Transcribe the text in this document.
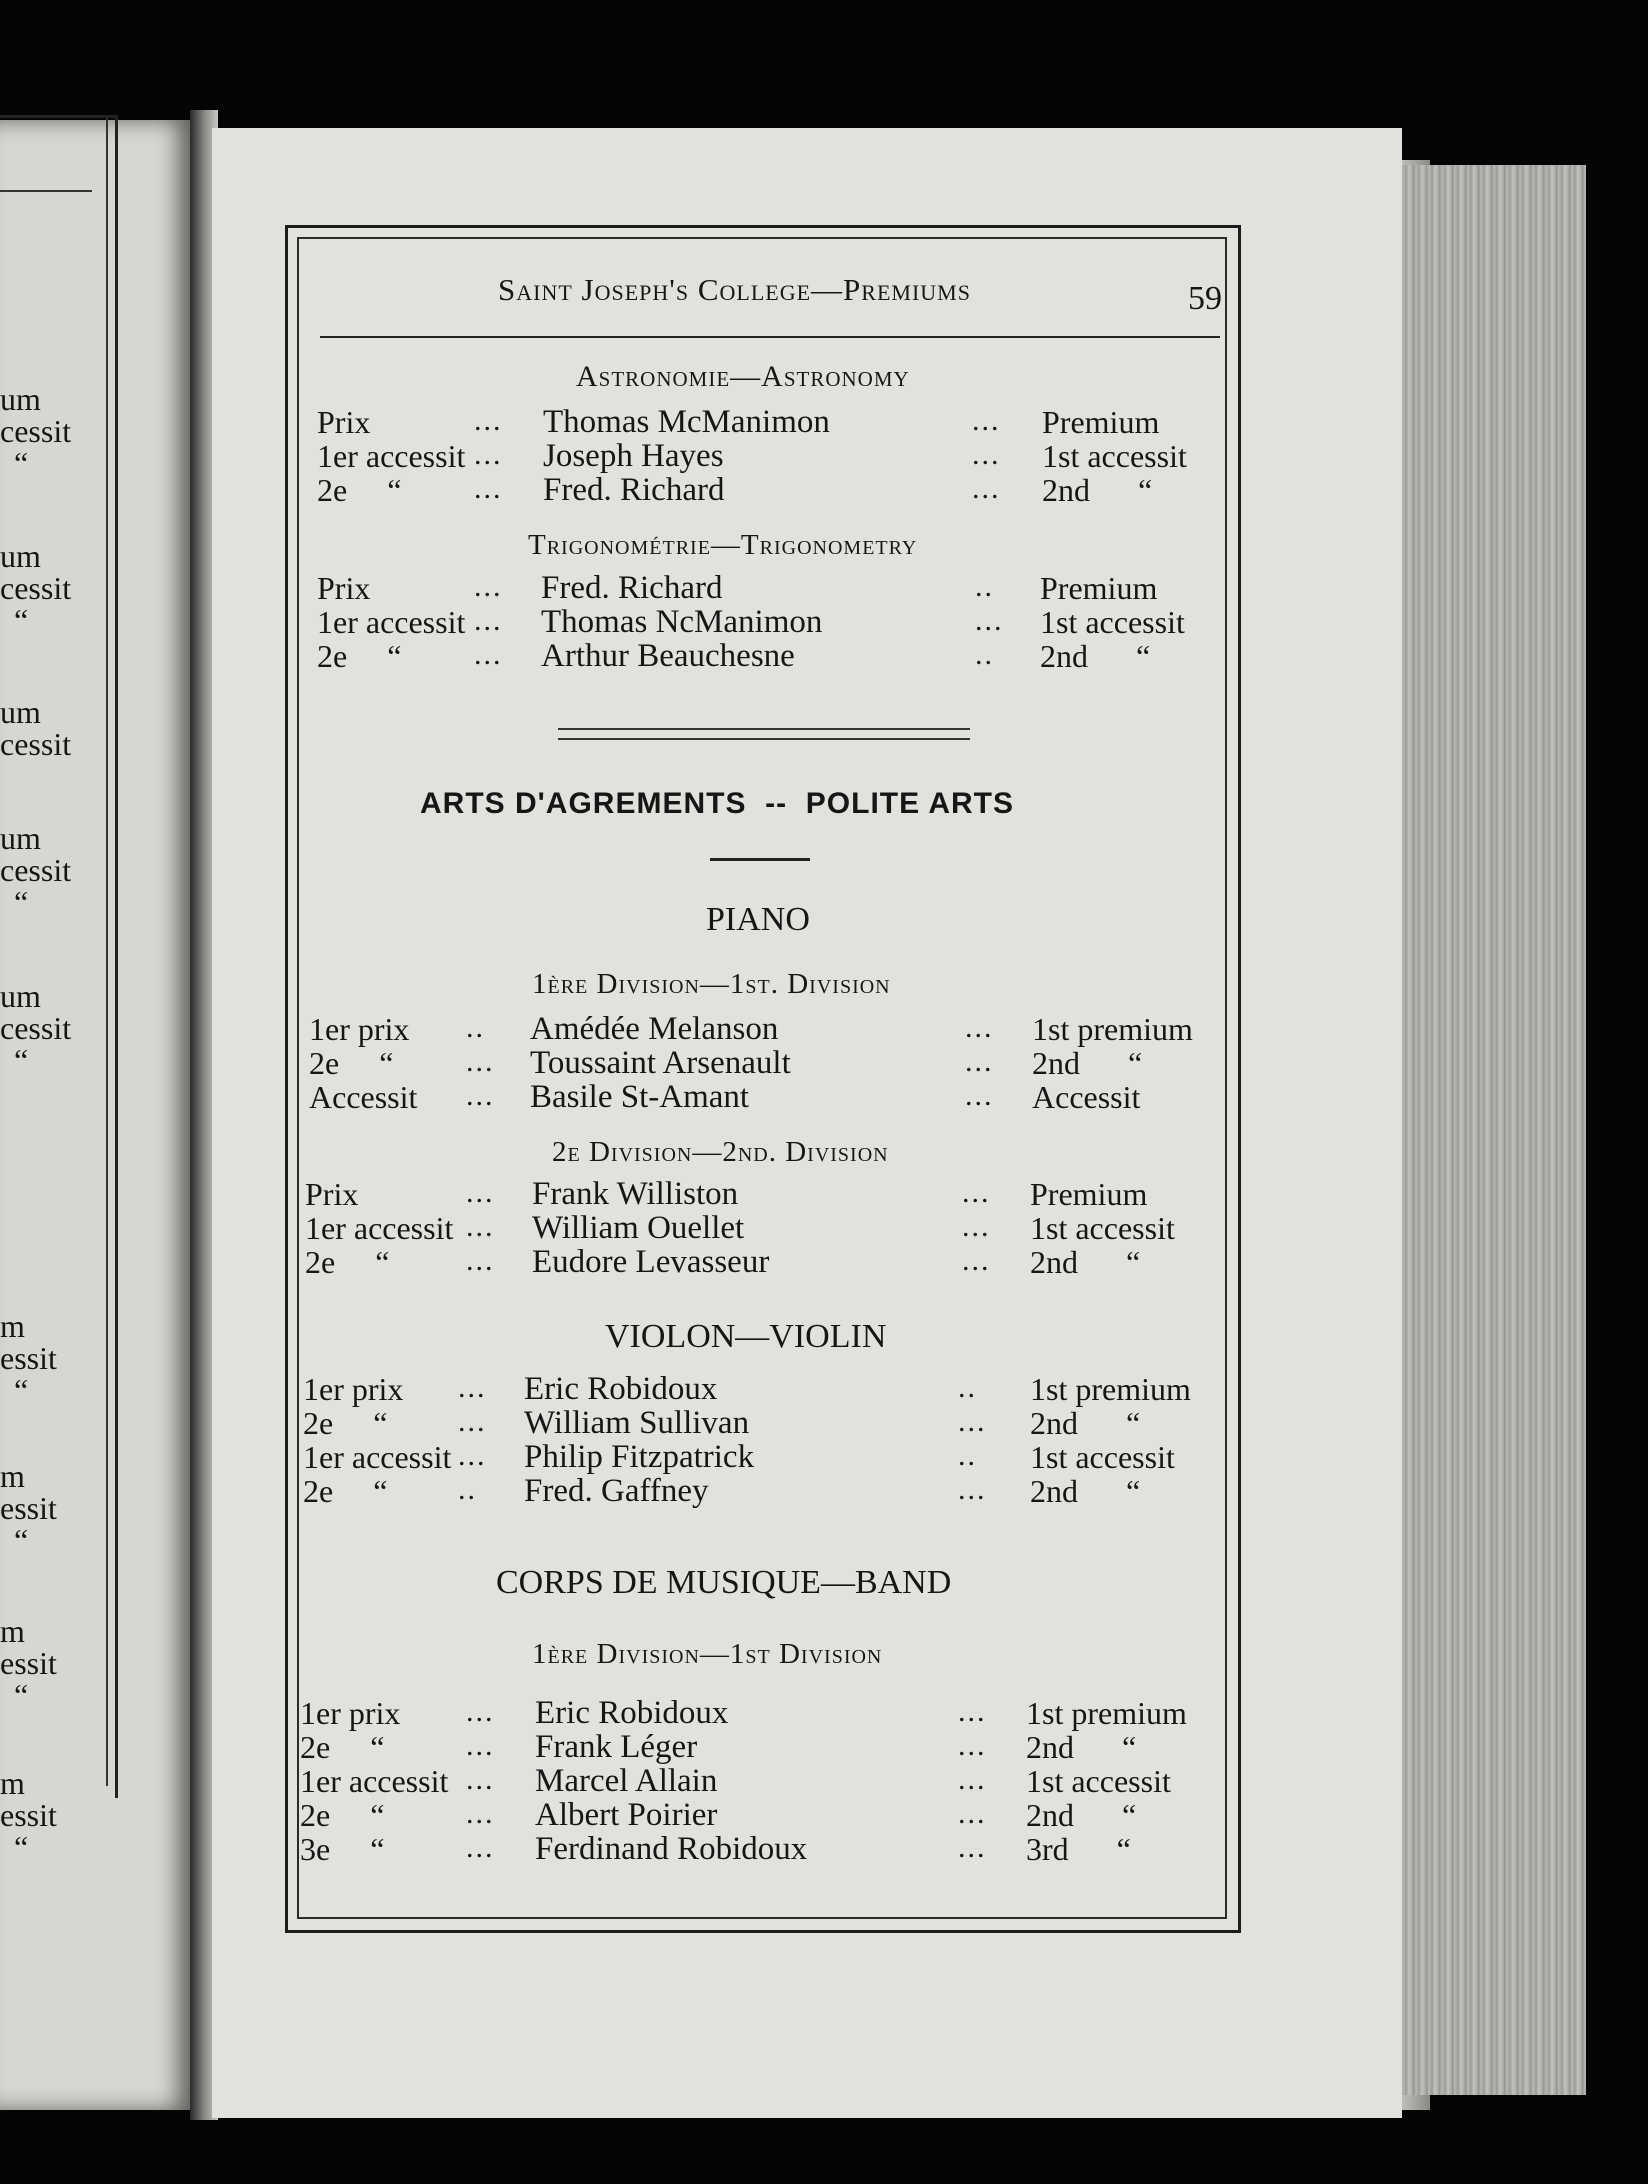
um
cessit
“
um
cessit
“
um
cessit
um
cessit
“
um
cessit
“
m
essit
“
m
essit
“
m
essit
“
m
essit
“
Saint Joseph's College—Premiums	59
Astronomie—Astronomy
Prix	... Thomas McManimon	... Premium
1er accessit ... Joseph Hayes	... 1st accessit
2e     “ ... Fred. Richard	... 2nd      “
Trigonométrie—Trigonometry
Prix	... Fred. Richard	.. Premium
1er accessit ... Thomas NcManimon	... 1st accessit
2e     “ ... Arthur Beauchesne	.. 2nd      “
ARTS D'AGREMENTS  --  POLITE ARTS
PIANO
1ère Division—1st. Division
1er prix .. Amédée Melanson	... 1st premium
2e     “ ... Toussaint Arsenault	... 2nd      “
Accessit ... Basile St-Amant	... Accessit
2e Division—2nd. Division
Prix	... Frank Williston	... Premium
1er accessit ... William Ouellet	... 1st accessit
2e     “	... Eudore Levasseur	... 2nd      “
VIOLON—VIOLIN
1er prix ... Eric Robidoux	.. 1st premium
2e     “ ... William Sullivan	... 2nd      “
1er accessit ... Philip Fitzpatrick	.. 1st accessit
2e     “ .. Fred. Gaffney	... 2nd      “
CORPS DE MUSIQUE—BAND
1ère Division—1st Division
1er prix ... Eric Robidoux	... 1st premium
2e     “	... Frank Léger	... 2nd      “
1er accessit ... Marcel Allain	... 1st accessit
2e     “	... Albert Poirier	... 2nd      “
3e     “	... Ferdinand Robidoux	... 3rd      “
